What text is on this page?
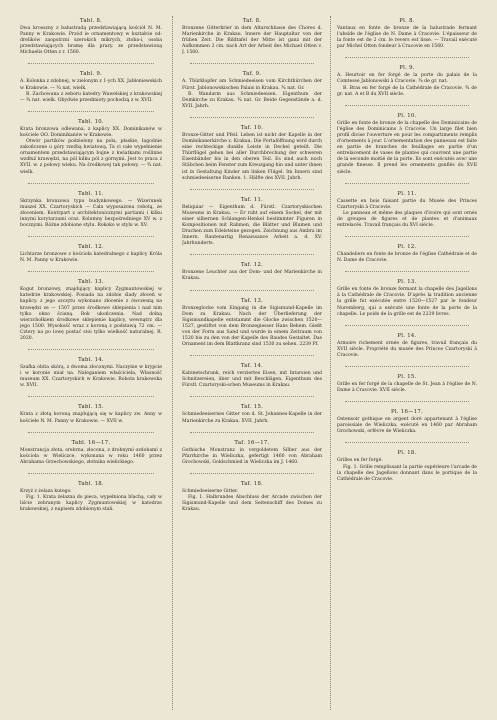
Tabl. 8.

Dwa krosszny z balustradą przedstawiającą kościół N. M. Panny w Krakowie. Przód ie ornamentowy w kształcie od-drelików zaopstrzni szerokich mikrych, ztoba-i, osoba przedstawiających bramę dla prazy. ze przedstawioną Michaelis Otten z r. 1560.

Tabl. 9.

A. Kolonka z zdobnej, w zielonym z 1-ych XX. Jabłoniewskich w Krakowie. — ¾ nat. wielk.

B. Zachowana z zeboru katedry Wawelskiej z krakowskiej — ¾ nat. wielk. Obydwie przedmioty pochodzą z w. XVII.

Tabl. 10.

Krata bronzowa odlewana, z kaplicy XX. Dominikanów w kościele OO. Dominikanów w Krakowie.

Otwór partików podzielony na pola, płaskie, łagodnie zakończone u góry rzeźbą kwiatową, Ta ci całe wypełnienie ornamentem przedstawiającym bujne z kwiatkami roślinne wzdłuż krawędzi, na pól kilku pól z górnymi. Jest to praca z XVII. w. z połowy wieku. Na środkowej tak połowy. — ¾ nat. wielk.

Tabl. 11.

Skrzynka bronzowa typu budynkowego. — Wizerunek muszel XX. Czartoryskich — Cała wyposażona robotą, ze złoceniem. Kontrpart z architektonicznymi partiami i kilku innymi korytarzami oraz. Kolumny bezpośredniego XV w. z bocznymi. Różne zdobione stylu. Rokoko w stylu w. XV.

Tabl. 12.

Lichtarze bronzowe z kościoła katedralnego z kaplicy Króla N. M. Panny w Krakowie.

Tabl. 13.

Kogut bronzowy, znajdujący kaplicy Zygmuntowskiej w katedrze krakowskiej. Posiada na zdobie ślady złoceń w kaplicy. z jego szczytu wykonano złocenie z ówczesną na krawędzi ze — 1507 przez środkowe sklepienia i nad nim tylko okno ścianą. Rok ukończenia. Nad dolną wierzchołkiem środkowe sklepienie kaplicy, wewnątrz dla jego 1500. Wysokość wraz z koroną z podstawą 72 cm. — Cztery na po lowę postać stoi tylko wielkość naturalnej. R. 2020.

Tabl. 14.

Szafka obita skórą, z dwoma złoconymi. Naczynie w krypcie i w koronie miał na. Naleganiem właściciela, Własność muzeum XX. Czartoryskich w Krakowie. Robota krakowska w. XVII.

Tabl. 15.

Krata z złotą koroną znajdującą się w kaplicy zw. Anny w kościele N. M. Panny w Krakowie. — XVII w.

Tabl. 16—17.

Monstrancja złota, srebrna, złocona, z drobnymi ozdobami z kościoła w Wieliczce, wykonana w roku 1460 przez Abrahama Grzechowskiego, złotnika wielickiego.

Tabl. 18.

Krzyż z żelaza kutego.

Fig. 1. Krata żelazna do pieca, wypełniona blachą, cały w liście zebranym kaplicy Zygmuntowskiej w katedrze krakowskiej, z napisem zdobionym stali.

Taf. 8.

Bronzene Gitterkrier in dem Altarschlusse des Chores d. Marienkirche in Krakau. Innere der Hauptaltar von der frühen Zeit. Die Bildtafel der Mitte ist ganz mit der Aufkommen 2 cm. nach Art der Arbeit des Michael Otten v. J. 1560.

Taf. 9.

A. Thürklopfer am Schmiedeeisen vom Kirchthürchen der Fürst. Jablonowskischen Palais in Krakau. ¾ nat. Gr.

B. Wandarm aus Schmiedeeisen. Eigenthum der Domkirche zu Krakau. ¾ nat. Gr. Beide Gegenstände a. d. XVII. Jahrh.

Taf. 10.

Bronze-Gitter und Pfeil. Leben ist nicht der Kapelle in der Dominikanerkirche z. Krakau. Die Portalöffnung wird durch eine rechteckige dunkle Leiste in Deckel geteilt. Die Thürflügel gehen bei aller Durchbrechung der schweren Eisenbänder bis in den oberen Teil. Es sind auch noch Stäbchen beim Fenster zum Kreuzgang hin und unter ihnen ist in Gestaltung Kinder am linken Flügel. Im Innern sind schmiedeeiserne Ranken. 1. Hälfte des XVII. Jahrh.

Taf. 11.

Reliquiar — Eigenthum d. Fürstl. Czartoryskischen Museums in Krakau. — Er ruht auf einem Sockel, der mit einer silbernen Schlangen-Henkel bestimmter Figuren in Kompositionen mit Rahmen, die Blätter und Blumen und Drachen zum Edelsteine gezogen. Zeichnung aus Ambra im Innern. Rautenartig Renaissance Arbeit a. d. XV. Jahrhunderts.

Taf. 12.

Bronzene Leuchter aus der Dom- und der Marienkirche in Krakau.

Taf. 13.

Bronzeglocke vom Eingang in die Sigismund-Kapelle im Dom zu Krakau. Nach der Überlieferung der Sigismundkapelle entstammt die Glocke zwischen 1520—1527, gestiftet von dem Bronzegiesser Hans Behem. Gießt von der Form aus Sand und wurde in einem Zeitraum von 1520 bis zu den von der Kapelle des Baudes Gestaltet. Das Ornament im dem Blattkranz sind 1530 zu sehen. 2239 Pf.

Taf. 14.

Kabinetschrank, reich verziertes Eisen, mit Intarsien und Schnitzereien, über und mit Beschlägen. Eigenthum des Fürstl. Czartoryski-schen Museums in Krakau.

Taf. 15.

Schmiedeeisernes Gitter von d. St. Johannes-Kapelle in der Marienkirche zu Krakau. XVII. Jahrh.

Taf. 16—17.

Gothische Monstranz in vergoldetem Silber aus der Pfarrkirche in Wieliczka, gefertigt 1460 von Abraham Grochowski, Goldschmied in Wieliczka im J. 1460.

Taf. 18.

Schmiedeeiserne Gitter.

Fig. 1. Halbrundes Abschluss der Arcade zwischen der Sigismund-Kapelle und dem Seitenschiff des Domes zu Krakau.

Pl. 8.

Vantaux en fonte de bronze de la balustrade fermant l'abside de l'église de N. Dame à Cracovie. L'épaisseur de la fonte est de 2 cm. le revers est lisse. — Travail exécuté par Michel Otten fondeur à Cracovie en 1560.

Pl. 9.

A. Heurtoir en fer forgé de la porte du palais de la Comtesse Jablonowski à Cracovie. ¾ de gr. nat.

B. Bras en fer forgé de la Cathédrale de Cracovie. ¾ de gr. nat. A et B du XVII siècle.

Pl. 10.

Grille en fonte de bronze de la chapelle des Dominicains de l'église des Dominicains à Cracovie. Un large filet bien profil divise l'ouverture en pour les compartiments remplis d'ornements à jour. L'ornementation des panneaux est faite en partie de branches de feuillages en partie d'un entrelacement de vases de plantes qui couvrent une partie de la seconde moitié de la porte. Ils sont exécutés avec une grande finesse. Il prend les ornements gonflés du XVII siècle.

Pl. 11.

Cassette en bois faisant partie du Musée des Princes Czartoryski à Cracovie.

Le panneau et même des plaques d'ivoire qui sont ornés de groupes de figures et de plantes et d'animaux entrelacés. Travail français du XVI siècle.

Pl. 12.

Chandeliers en fonte de bronze de l'église Cathédrale et de N. Dame de Cracovie.

Pl. 13.

Grille en fonte de bronze fermant la chapelle des Jagellons à la Cathédrale de Cracovie. D'après la tradition ancienne la grille fut exécutée entre 1520—1527 par le fondeur Nuremberg, qui a exécuté une fonte de la porte de la chapelle. Le poids de la grille est de 2239 livres.

Pl. 14.

Armoire richement ornée de figures, travail français du XVII siècle. Propriété du musée des Princes Czartoryski à Cracovie.

Pl. 15.

Grille en fer forgé de la chapelle de St. Jean à l'église de N. Dame à Cracovie. XVII siècle.

Pl. 16—17.

Ostensoir gothique en argent doré appartenant à l'église paroissiale de Wieliczka, exécuté en 1460 par Abraham Grochowski, orfèvre de Wieliczka.

Pl. 18.

Grilles en fer forgé.

Fig. 1. Grille remplissant la partie supérieure l'arcade de la chapelle des Jagellons donnant dans le portique de la Cathédrale de Cracovie.
